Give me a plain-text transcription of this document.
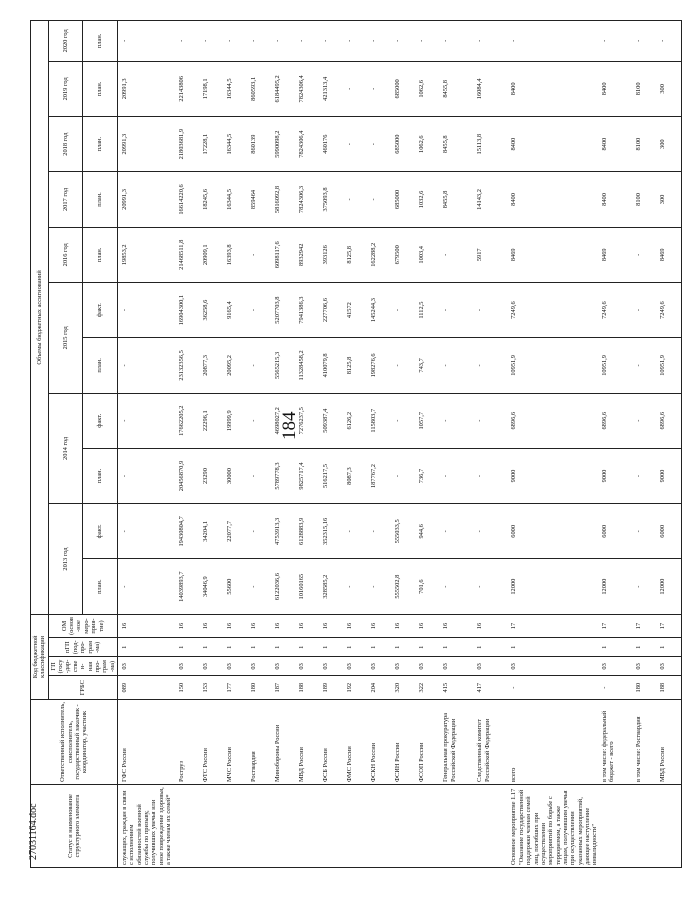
184
27031164.doc	Статус и наименование структурного элемента	Ответственный исполнитель, соисполнитель, государственный заказчик - координатор, участник	Код бюджетной классификации				Объемы бюджетных ассигнований										
		ГРБС	ГП (госу-дар-ствен-ная про-грам-ма)	пГП (под-про-грам-ма)	ОМ (основ-ное меро-прия-тие)	2013 год		2014 год		2015 год		2016 год	2017 год	2018 год	2019 год	2020 год
						план.	факт.	план.	факт.	план.	факт.	план.	план.	план.	план.	план.
служащих, граждан в связи с исполнением обязанностей военной службы по призыву, получивших увечья или иное повреждение здоровья, а также членам их семей*	ГФС России	089	03	1	16	-	-	-	-	-	-	19853,2	20991,3	20991,3	20991,3	-
	Росгруз	150	03	1	16	14039893,7	19430804,7	20456870,9	17662205,2	23132356,5	16904300,1	21468511,8	16614220,6	21803681,9	22143806	-
	ФТС России	153	03	1	16	34046,9	34204,1	23290	22296,1	20877,3	36258,6	20909,1	18245,6	17228,1	17198,1	-
	МЧС России	177	03	1	16	55600	22077,7	30000	19999,9	20095,2	9165,4	16393,8	16344,5	16344,5	16344,5	-
	Росгвардия	180	03	1	16	-	-	-	-	-	-	-	859464	860139	860593,1	-
	Минобороны России	187	03	1	16	6122036,6	4753913,3	5789778,3	4698027,2	5565215,3	5207703,8	6098117,6	5816092,8	5990098,2	6184495,2	-
	МВД России	188	03	1	16	10160165	6128883,9	9825717,4	7276237,5	11328458,2	7941386,3	8932942	7824306,3	7824306,4	7824306,4	-
	ФСБ России	189	03	1	16	328585,2	352315,16	516217,5	509387,4	410079,8	227706,6	393126	375093,8	460176	421313,4	-
	ФМС России	192	03	1	16	-	-	8087,3	6126,2	8125,8	41572	8125,8	-	-	-	-
	ФСКН России	204	03	1	16	-	-	187767,2	115803,7	198276,6	145244,3	162288,2	-	-	-	-
	ФСИН России	320	03	1	16	555502,8	555033,5	-	-	-	-	679500	685000	685000	685000	-
	ФСОП России	322	03	1	16	701,6	944,6	736,7	1057,7	743,7	1112,5	1003,4	1032,6	1062,6	1062,6	-
	Генеральная прокуратура Российской Федерации	415	03	1	16	-	-	-	-	-	-	-	8455,8	8455,8	8455,8	-
	Следственный комитет Российской Федерации	417	03	1	16	-	-	-	-	-	-	5917	14143,2	15113,8	16084,4	-
Основное мероприятие 1.17 "Оказание государственной поддержки членам семей лиц, погибших при осуществлении мероприятий по борьбе с терроризмом, а также лицам, получившим увечья при осуществлении указанных мероприятий, дающее наступление инвалидности"	всего	-	03	1	17	12000	6000	9000	6896,6	10951,9	7249,6	8469	8400	8400	8400	-
	в том числе: федеральный бюджет - всего	-	03	1	17	12000	6000	9000	6896,6	10951,9	7249,6	8469	8400	8400	8400	-
	в том числе: Росгвардия	180	03	1	17	-	-	-	-	-	-	-	8100	8100	8100	-
	МВД России	188	03	1	17	12000	6000	9000	6896,6	10951,9	7249,6	8469	300	300	300	-
